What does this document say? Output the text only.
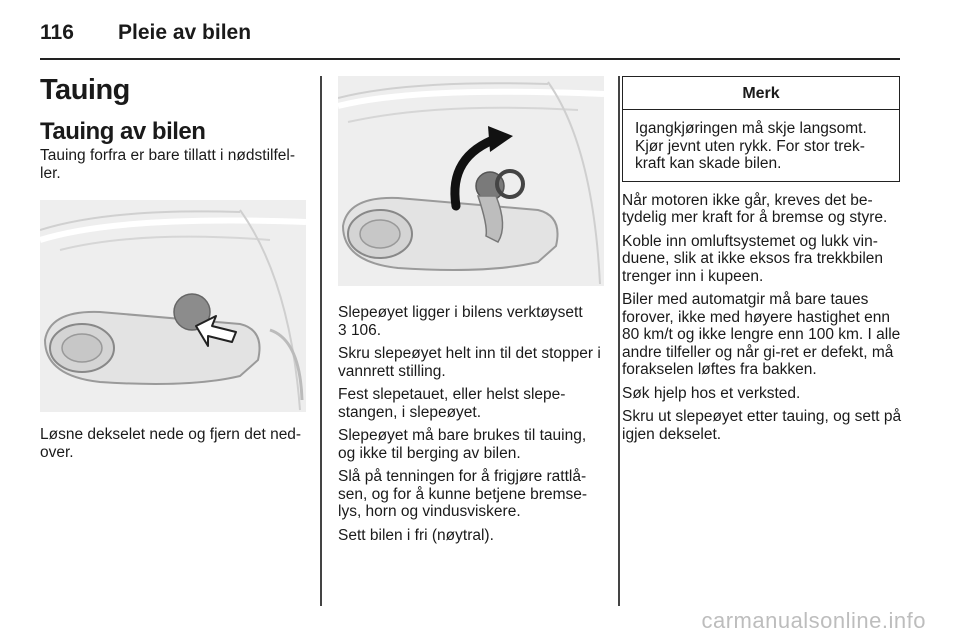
116	Pleie av bilen
Tauing
Tauing av bilen

Tauing forfra er bare tillatt i nødstilfel-ler.

Løsne dekselet nede og fjern det ned-over.

Slepeøyet ligger i bilens verktøysett
3 106.

Skru slepeøyet helt inn til det stopper i vannrett stilling.

Fest slepetauet, eller helst slepe-stangen, i slepeøyet.

Slepeøyet må bare brukes til tauing, og ikke til berging av bilen.

Slå på tenningen for å frigjøre rattlå-sen, og for å kunne betjene bremse-lys, horn og vindusviskere.

Sett bilen i fri (nøytral).

Merk

Igangkjøringen må skje langsomt. Kjør jevnt uten rykk. For stor trek-kraft kan skade bilen.

Når motoren ikke går, kreves det be-tydelig mer kraft for å bremse og styre.

Koble inn omluftsystemet og lukk vin-duene, slik at ikke eksos fra trekkbilen trenger inn i kupeen.

Biler med automatgir må bare taues forover, ikke med høyere hastighet enn 80 km/t og ikke lengre enn 100 km. I alle andre tilfeller og når gi-ret er defekt, må forakselen løftes fra bakken.

Søk hjelp hos et verksted.

Skru ut slepeøyet etter tauing, og sett på igjen dekselet.

carmanualsonline.info
